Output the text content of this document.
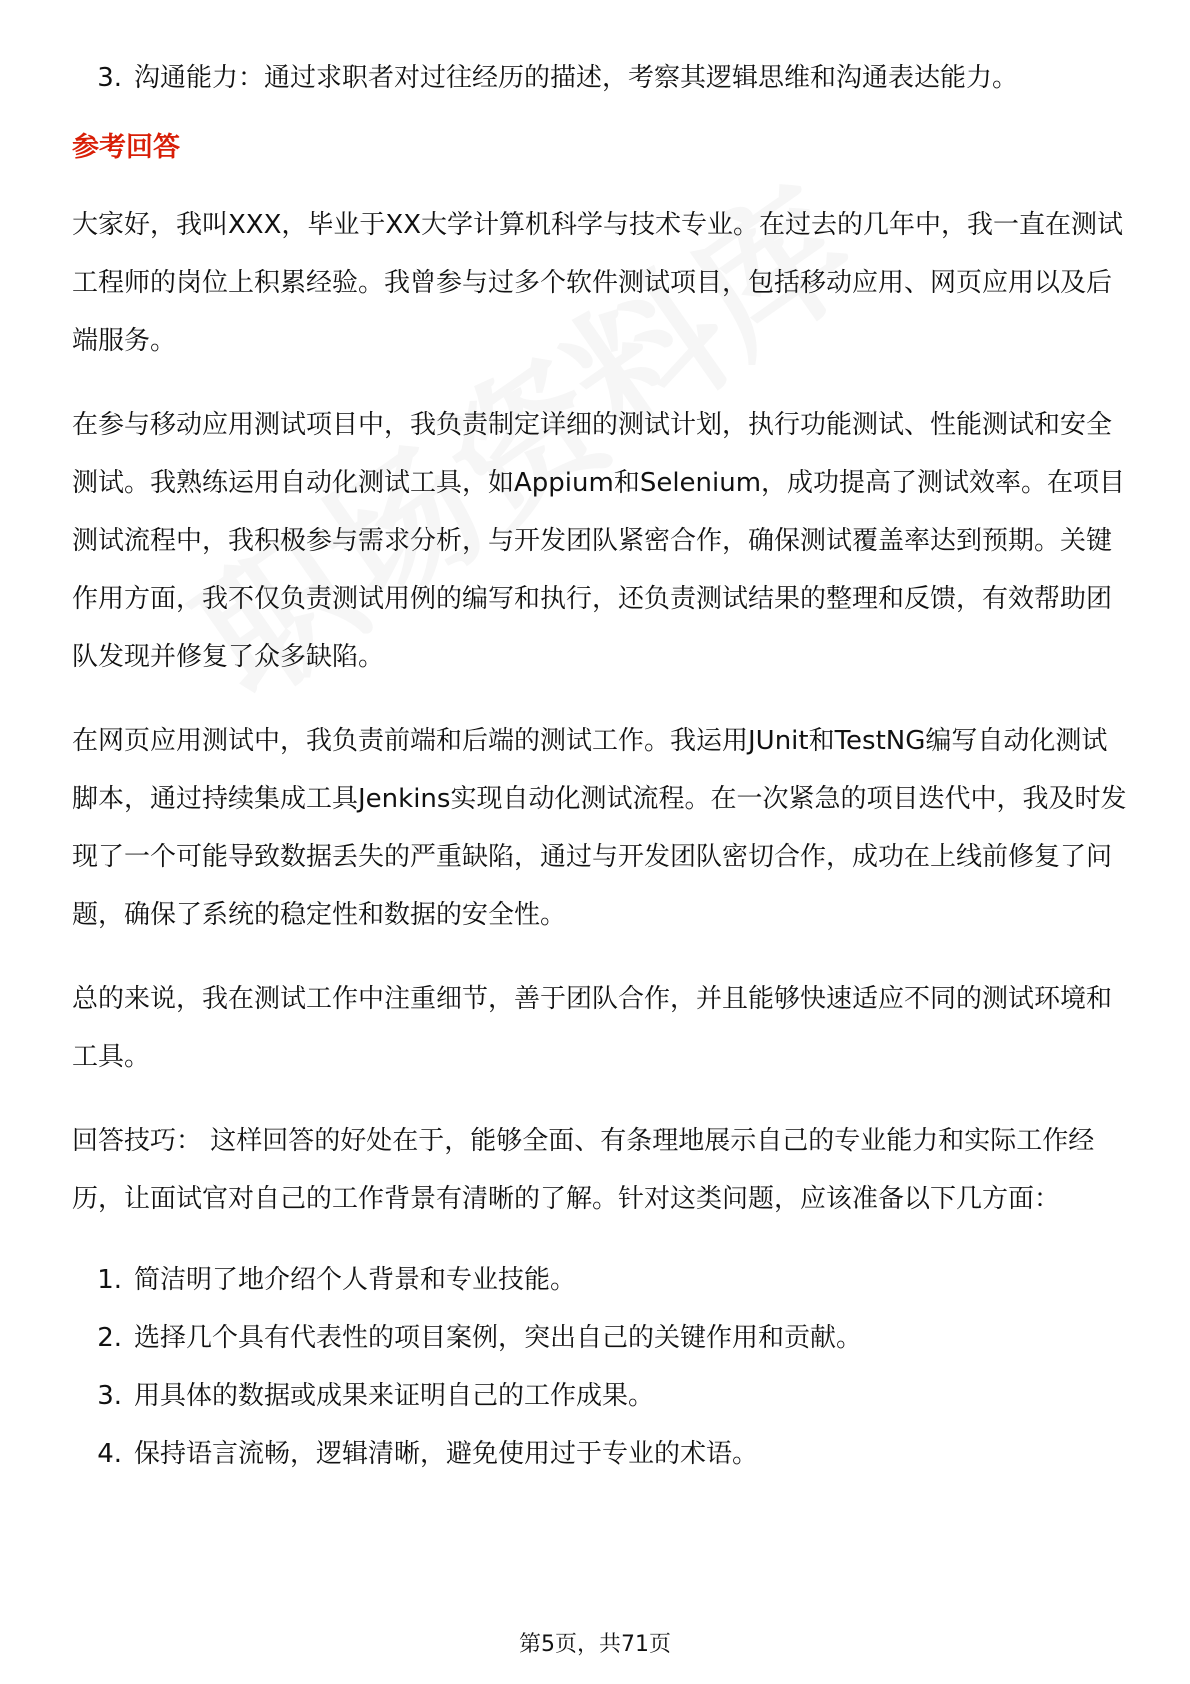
3. 沟通能力：通过求职者对过往经历的描述，考察其逻辑思维和沟通表达能力。
参考回答

大家好，我叫XXX，毕业于XX大学计算机科学与技术专业。在过去的几年中，我一直在测试工程师的岗位上积累经验。我曾参与过多个软件测试项目，包括移动应用、网页应用以及后端服务。

在参与移动应用测试项目中，我负责制定详细的测试计划，执行功能测试、性能测试和安全测试。我熟练运用自动化测试工具，如Appium和Selenium，成功提高了测试效率。在项目测试流程中，我积极参与需求分析，与开发团队紧密合作，确保测试覆盖率达到预期。关键作用方面，我不仅负责测试用例的编写和执行，还负责测试结果的整理和反馈，有效帮助团队发现并修复了众多缺陷。

在网页应用测试中，我负责前端和后端的测试工作。我运用JUnit和TestNG编写自动化测试脚本，通过持续集成工具Jenkins实现自动化测试流程。在一次紧急的项目迭代中，我及时发现了一个可能导致数据丢失的严重缺陷，通过与开发团队密切合作，成功在上线前修复了问题，确保了系统的稳定性和数据的安全性。

总的来说，我在测试工作中注重细节，善于团队合作，并且能够快速适应不同的测试环境和工具。

回答技巧： 这样回答的好处在于，能够全面、有条理地展示自己的专业能力和实际工作经历，让面试官对自己的工作背景有清晰的了解。针对这类问题，应该准备以下几方面：

1. 简洁明了地介绍个人背景和专业技能。
2. 选择几个具有代表性的项目案例，突出自己的关键作用和贡献。
3. 用具体的数据或成果来证明自己的工作成果。
4. 保持语言流畅，逻辑清晰，避免使用过于专业的术语。
第5页，共71页
